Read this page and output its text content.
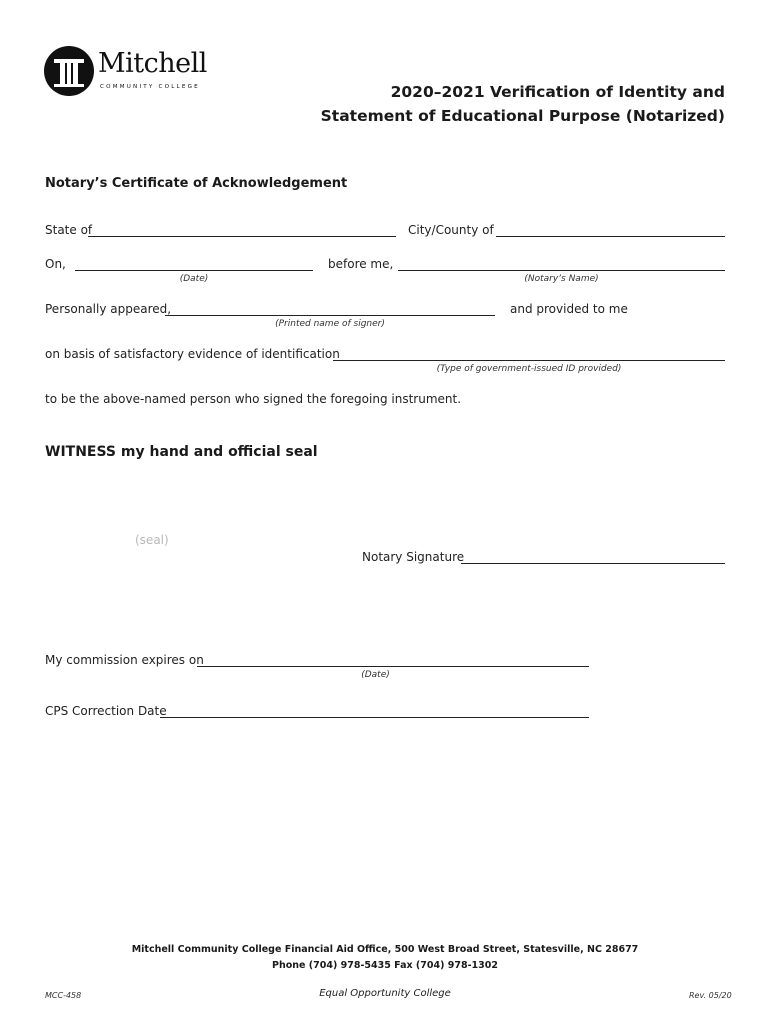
Mitchell
COMMUNITY COLLEGE	2020–2021 Verification of Identity and
Statement of Educational Purpose (Notarized)
Notary’s Certificate of Acknowledgement
State of	City/County of
On,
(Date)
before me,
(Notary’s Name)
Personally appeared,
(Printed name of signer)
and provided to me
on basis of satisfactory evidence of identification
(Type of government-issued ID provided)
to be the above-named person who signed the foregoing instrument.
WITNESS my hand and official seal
(seal)
Notary Signature
My commission expires on
(Date)
CPS Correction Date
Mitchell Community College Financial Aid Office, 500 West Broad Street, Statesville, NC 28677
Phone (704) 978-5435 Fax (704) 978-1302
MCC-458	Equal Opportunity College	Rev. 05/20
